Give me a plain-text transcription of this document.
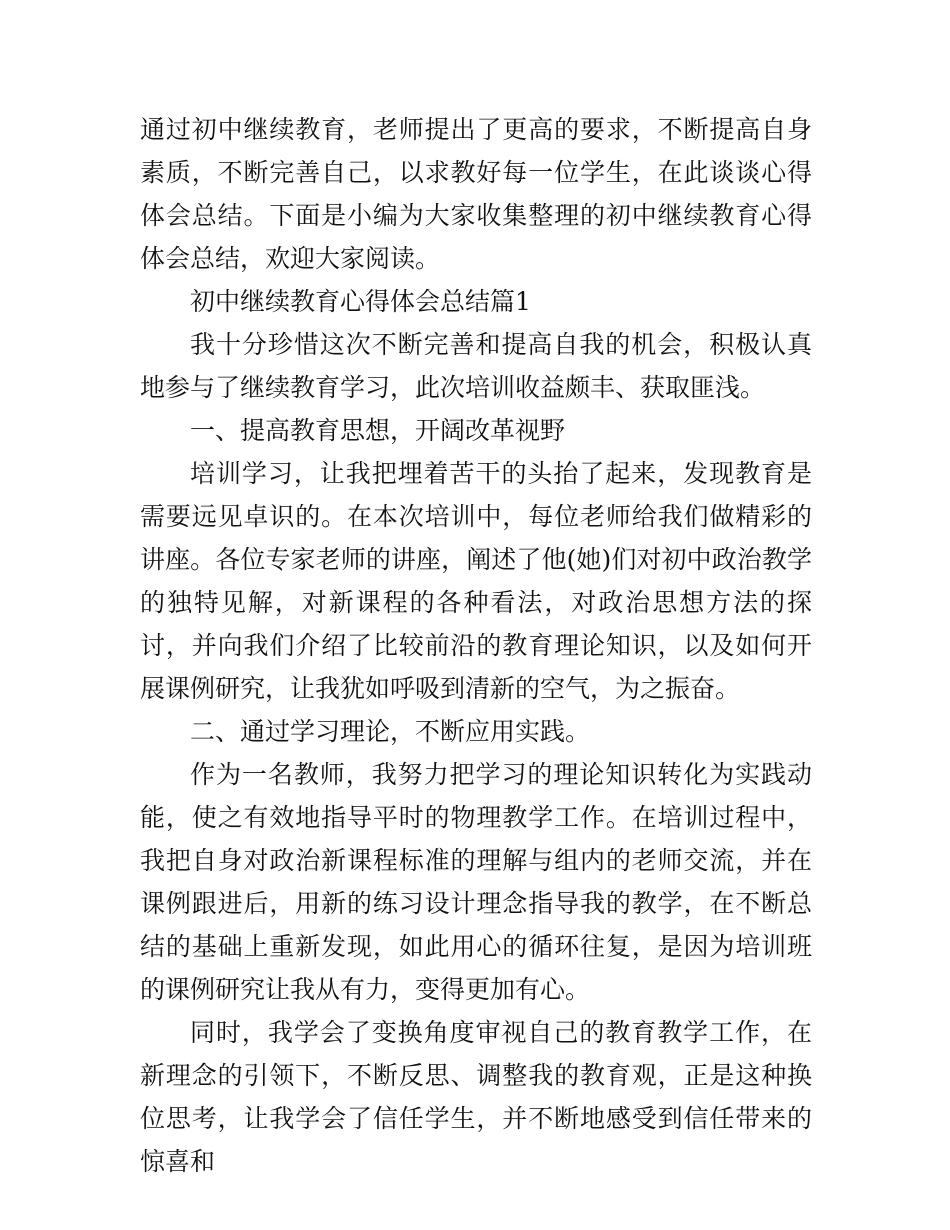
通过初中继续教育，老师提出了更高的要求，不断提高自身素质，不断完善自己，以求教好每一位学生，在此谈谈心得体会总结。下面是小编为大家收集整理的初中继续教育心得体会总结，欢迎大家阅读。

初中继续教育心得体会总结篇1

我十分珍惜这次不断完善和提高自我的机会，积极认真地参与了继续教育学习，此次培训收益颇丰、获取匪浅。

一、提高教育思想，开阔改革视野

培训学习，让我把埋着苦干的头抬了起来，发现教育是需要远见卓识的。在本次培训中，每位老师给我们做精彩的讲座。各位专家老师的讲座，阐述了他(她)们对初中政治教学的独特见解，对新课程的各种看法，对政治思想方法的探讨，并向我们介绍了比较前沿的教育理论知识，以及如何开展课例研究，让我犹如呼吸到清新的空气，为之振奋。

二、通过学习理论，不断应用实践。

作为一名教师，我努力把学习的理论知识转化为实践动能，使之有效地指导平时的物理教学工作。在培训过程中，我把自身对政治新课程标准的理解与组内的老师交流，并在课例跟进后，用新的练习设计理念指导我的教学，在不断总结的基础上重新发现，如此用心的循环往复，是因为培训班的课例研究让我从有力，变得更加有心。

同时，我学会了变换角度审视自己的教育教学工作，在新理念的引领下，不断反思、调整我的教育观，正是这种换位思考，让我学会了信任学生，并不断地感受到信任带来的惊喜和
